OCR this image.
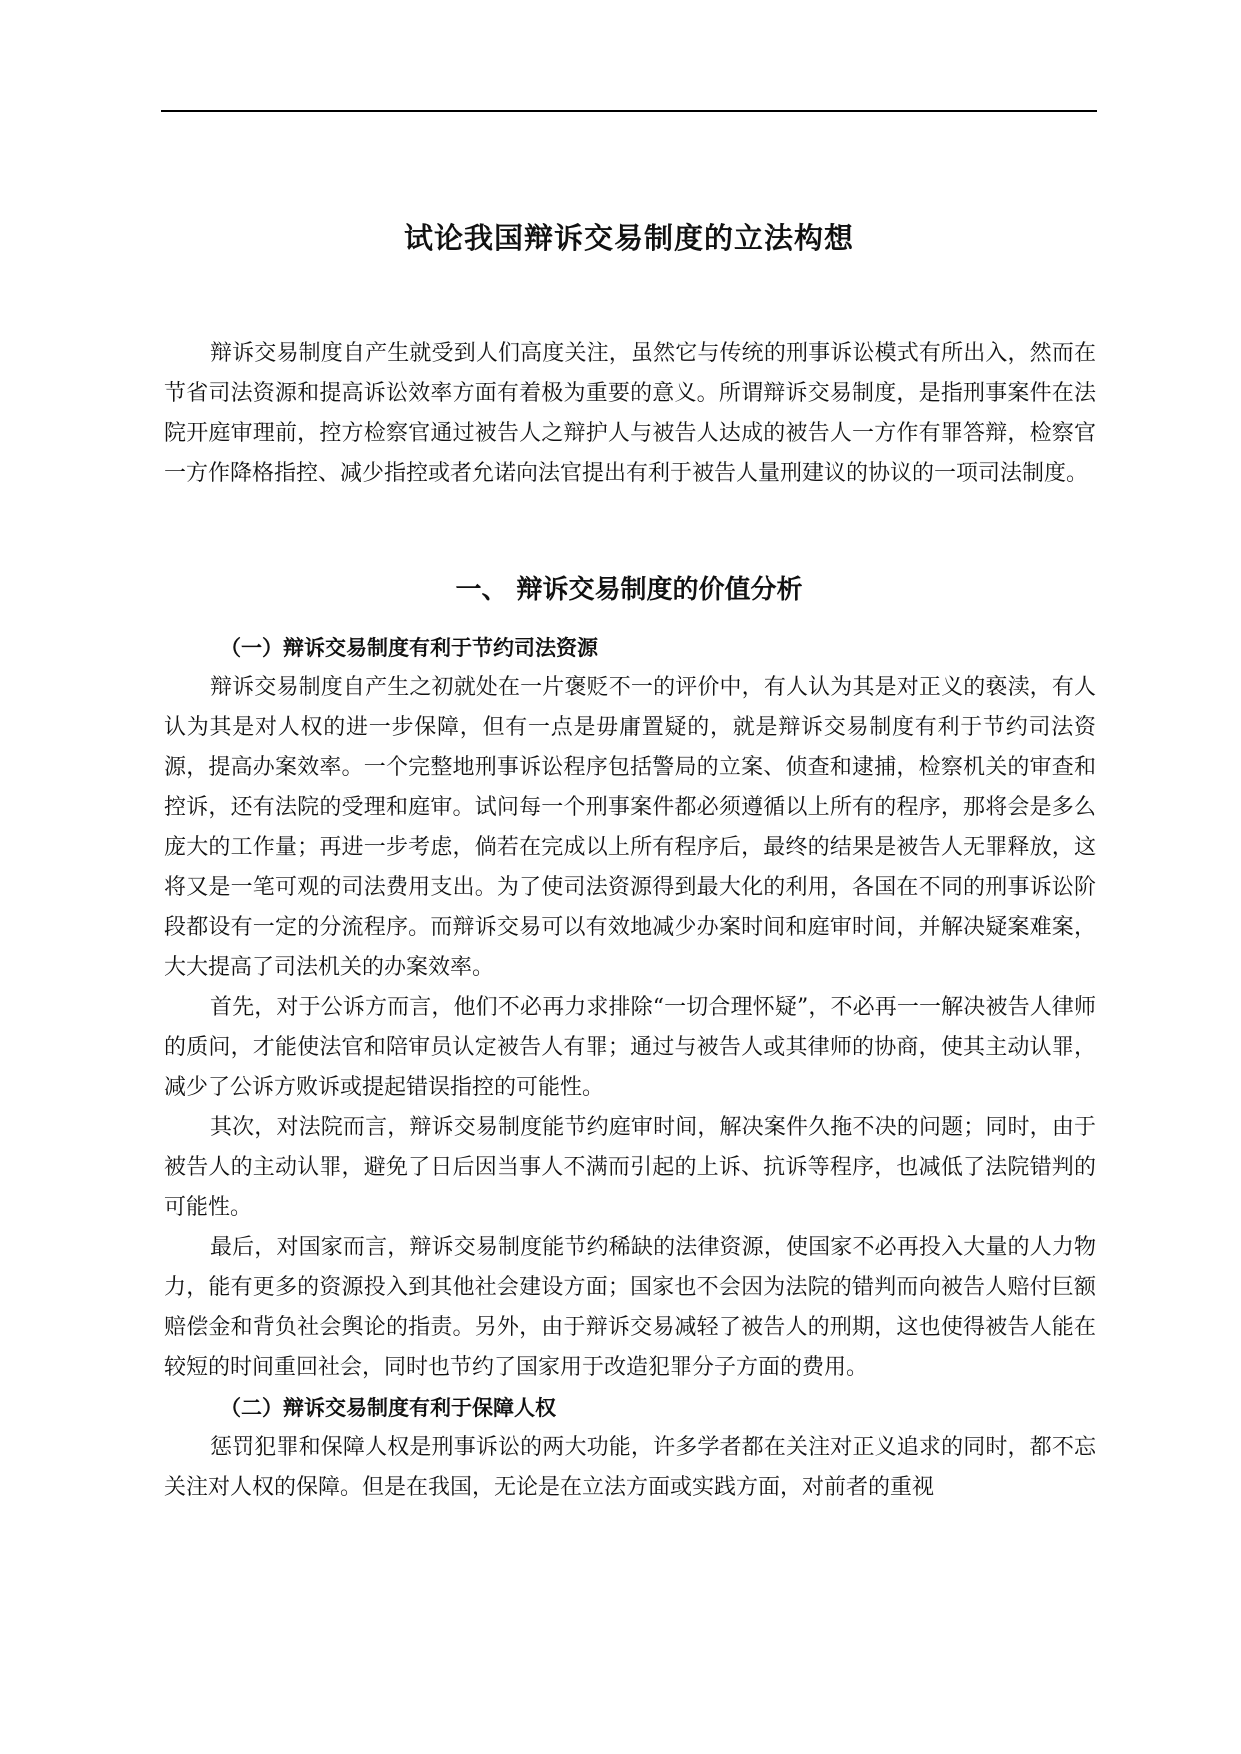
试论我国辩诉交易制度的立法构想

辩诉交易制度自产生就受到人们高度关注，虽然它与传统的刑事诉讼模式有所出入，然而在节省司法资源和提高诉讼效率方面有着极为重要的意义。所谓辩诉交易制度，是指刑事案件在法院开庭审理前，控方检察官通过被告人之辩护人与被告人达成的被告人一方作有罪答辩，检察官一方作降格指控、减少指控或者允诺向法官提出有利于被告人量刑建议的协议的一项司法制度。

一、 辩诉交易制度的价值分析

（一）辩诉交易制度有利于节约司法资源

辩诉交易制度自产生之初就处在一片褒贬不一的评价中，有人认为其是对正义的亵渎，有人认为其是对人权的进一步保障，但有一点是毋庸置疑的，就是辩诉交易制度有利于节约司法资源，提高办案效率。一个完整地刑事诉讼程序包括警局的立案、侦查和逮捕，检察机关的审查和控诉，还有法院的受理和庭审。试问每一个刑事案件都必须遵循以上所有的程序，那将会是多么庞大的工作量；再进一步考虑，倘若在完成以上所有程序后，最终的结果是被告人无罪释放，这将又是一笔可观的司法费用支出。为了使司法资源得到最大化的利用，各国在不同的刑事诉讼阶段都设有一定的分流程序。而辩诉交易可以有效地减少办案时间和庭审时间，并解决疑案难案，大大提高了司法机关的办案效率。

首先，对于公诉方而言，他们不必再力求排除“一切合理怀疑”，不必再一一解决被告人律师的质问，才能使法官和陪审员认定被告人有罪；通过与被告人或其律师的协商，使其主动认罪，减少了公诉方败诉或提起错误指控的可能性。

其次，对法院而言，辩诉交易制度能节约庭审时间，解决案件久拖不决的问题；同时，由于被告人的主动认罪，避免了日后因当事人不满而引起的上诉、抗诉等程序，也减低了法院错判的可能性。

最后，对国家而言，辩诉交易制度能节约稀缺的法律资源，使国家不必再投入大量的人力物力，能有更多的资源投入到其他社会建设方面；国家也不会因为法院的错判而向被告人赔付巨额赔偿金和背负社会舆论的指责。另外，由于辩诉交易减轻了被告人的刑期，这也使得被告人能在较短的时间重回社会，同时也节约了国家用于改造犯罪分子方面的费用。

（二）辩诉交易制度有利于保障人权

惩罚犯罪和保障人权是刑事诉讼的两大功能，许多学者都在关注对正义追求的同时，都不忘关注对人权的保障。但是在我国，无论是在立法方面或实践方面，对前者的重视
